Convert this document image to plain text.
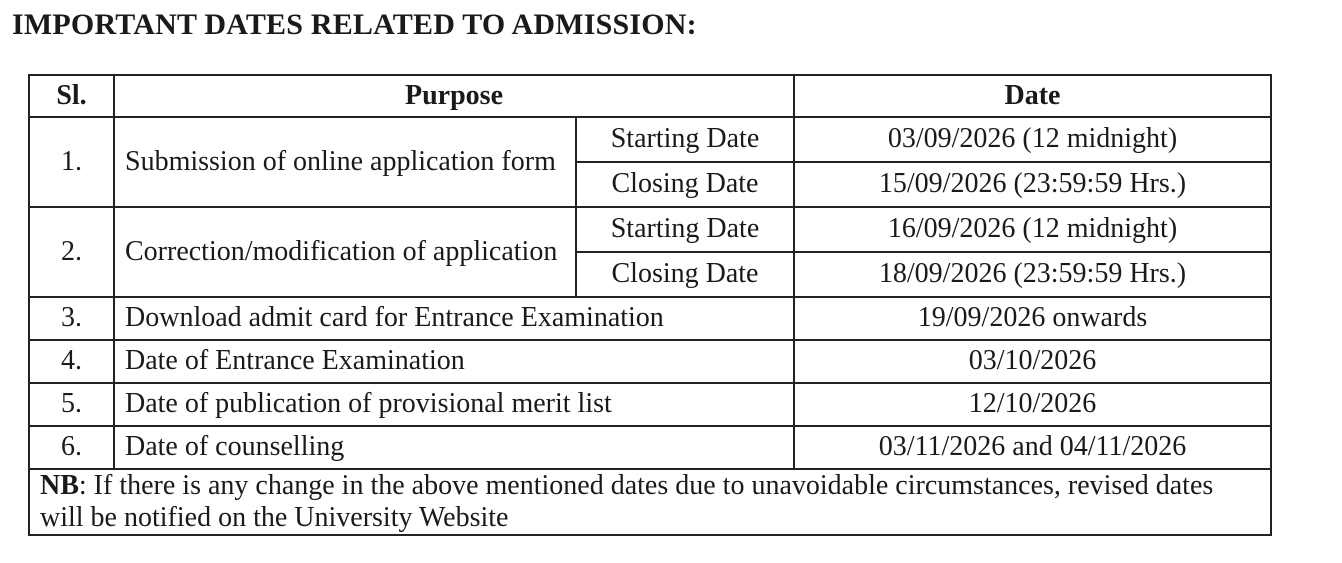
IMPORTANT DATES RELATED TO ADMISSION:
Sl.	Purpose		Date
1.	Submission of online application form	Starting Date	03/09/2026 (12 midnight)
		Closing Date	15/09/2026 (23:59:59 Hrs.)
2.	Correction/modification of application	Starting Date	16/09/2026 (12 midnight)
		Closing Date	18/09/2026 (23:59:59 Hrs.)
3.	Download admit card for Entrance Examination		19/09/2026 onwards
4.	Date of Entrance Examination		03/10/2026
5.	Date of publication of provisional merit list		12/10/2026
6.	Date of counselling		03/11/2026 and 04/11/2026
NB: If there is any change in the above mentioned dates due to unavoidable circumstances, revised dates will be notified on the University Website			
